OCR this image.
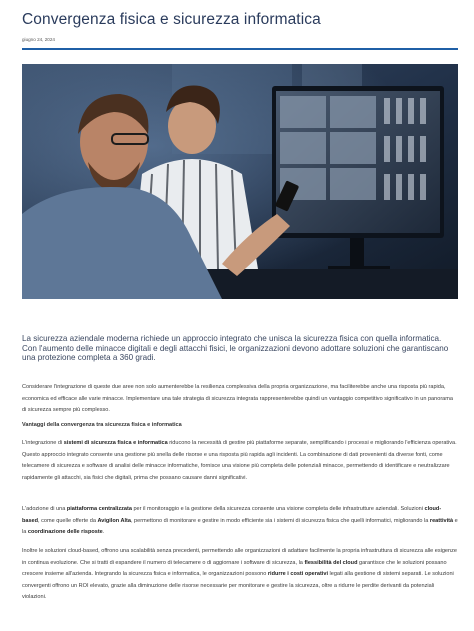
Convergenza fisica e sicurezza informatica
giugno 24, 2024

La sicurezza aziendale moderna richiede un approccio integrato che unisca la sicurezza fisica con quella informatica. Con l'aumento delle minacce digitali e degli attacchi fisici, le organizzazioni devono adottare soluzioni che garantiscano una protezione completa a 360 gradi.

Considerare l'integrazione di queste due aree non solo aumenterebbe la resilienza complessiva della propria organizzazione, ma faciliterebbe anche una risposta più rapida, economica ed efficace alle varie minacce. Implementare una tale strategia di sicurezza integrata rappresenterebbe quindi un vantaggio competitivo significativo in un panorama di sicurezza sempre più complesso.

Vantaggi della convergenza tra sicurezza fisica e informatica

L'integrazione di sistemi di sicurezza fisica e informatica riducono la necessità di gestire più piattaforme separate, semplificando i processi e migliorando l'efficienza operativa. Questo approccio integrato consente una gestione più snella delle risorse e una risposta più rapida agli incidenti. La combinazione di dati provenienti da diverse fonti, come telecamere di sicurezza e software di analisi delle minacce informatiche, fornisce una visione più completa delle potenziali minacce, permettendo di identificare e neutralizzare rapidamente gli attacchi, sia fisici che digitali, prima che possano causare danni significativi.

L'adozione di una piattaforma centralizzata per il monitoraggio e la gestione della sicurezza consente una visione completa delle infrastrutture aziendali. Soluzioni cloud-based, come quelle offerte da Avigilon Alta, permettono di monitorare e gestire in modo efficiente sia i sistemi di sicurezza fisica che quelli informatici, migliorando la reattività e la coordinazione delle risposte.

Inoltre le soluzioni cloud-based, offrono una scalabilità senza precedenti, permettendo alle organizzazioni di adattare facilmente la propria infrastruttura di sicurezza alle esigenze in continua evoluzione. Che si tratti di espandere il numero di telecamere o di aggiornare i software di sicurezza, la flessibilità del cloud garantisce che le soluzioni possano crescere insieme all'azienda. Integrando la sicurezza fisica e informatica, le organizzazioni possono ridurre i costi operativi legati alla gestione di sistemi separati. Le soluzioni convergenti offrono un ROI elevato, grazie alla diminuzione delle risorse necessarie per monitorare e gestire la sicurezza, oltre a ridurre le perdite derivanti da potenziali violazioni.
